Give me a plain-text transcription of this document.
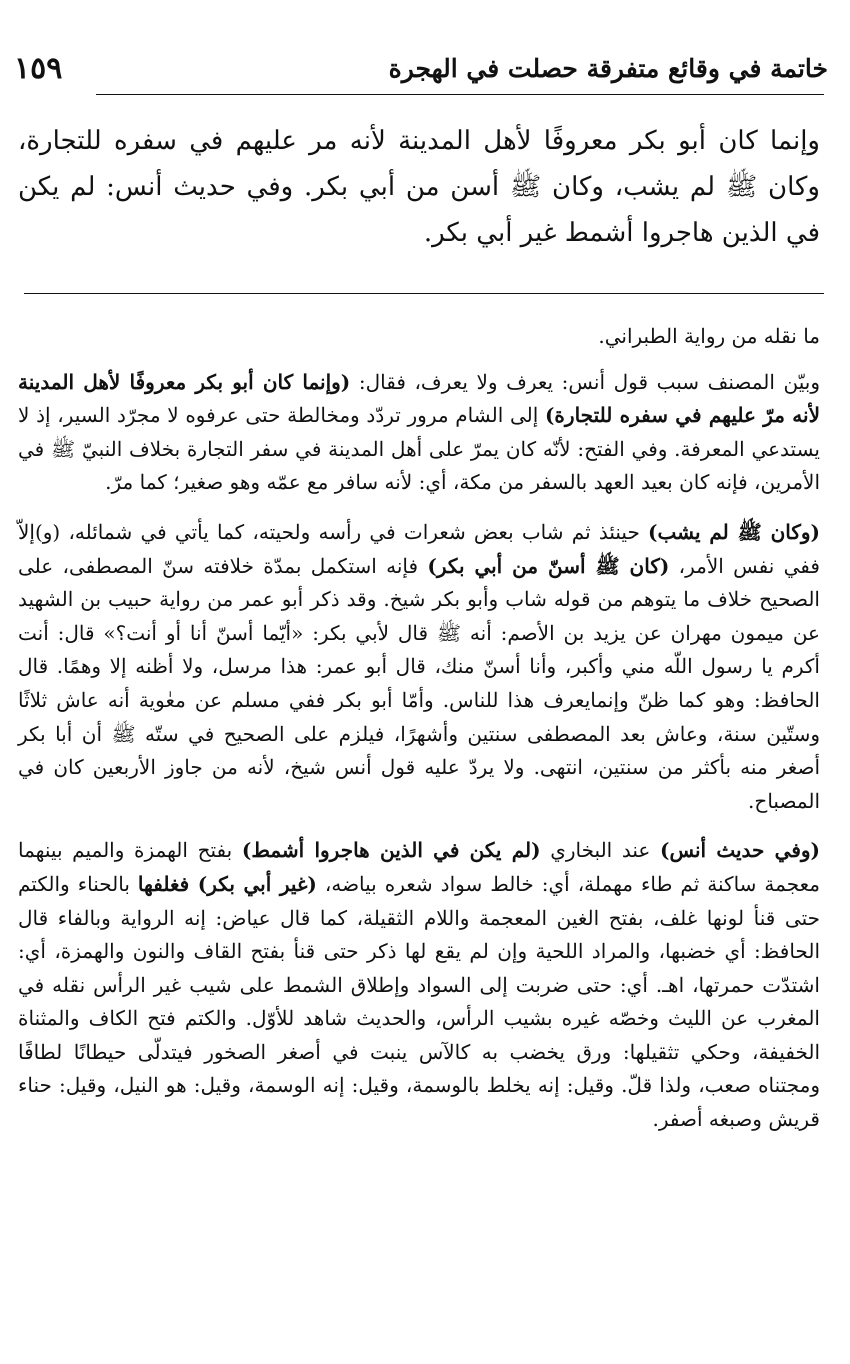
١٥٩	خاتمة في وقائع متفرقة حصلت في الهجرة

وإنما كان أبو بكر معروفًا لأهل المدينة لأنه مر عليهم في سفره للتجارة، وكان ﷺ لم يشب، وكان ﷺ أسن من أبي بكر. وفي حديث أنس: لم يكن في الذين هاجروا أشمط غير أبي بكر.

ما نقله من رواية الطبراني.

وبيّن المصنف سبب قول أنس: يعرف ولا يعرف، فقال: (وإنما كان أبو بكر معروفًا لأهل المدينة لأنه مرّ عليهم في سفره للتجارة) إلى الشام مرور تردّد ومخالطة حتى عرفوه لا مجرّد السير، إذ لا يستدعي المعرفة. وفي الفتح: لأنّه كان يمرّ على أهل المدينة في سفر التجارة بخلاف النبيّ ﷺ في الأمرين، فإنه كان بعيد العهد بالسفر من مكة، أي: لأنه سافر مع عمّه وهو صغير؛ كما مرّ.

(وكان ﷺ لم يشب) حينئذ ثم شاب بعض شعرات في رأسه ولحيته، كما يأتي في شمائله، (و)إلاّ ففي نفس الأمر، (كان ﷺ أسنّ من أبي بكر) فإنه استكمل بمدّة خلافته سنّ المصطفى، على الصحيح خلاف ما يتوهم من قوله شاب وأبو بكر شيخ. وقد ذكر أبو عمر من رواية حبيب بن الشهيد عن ميمون مهران عن يزيد بن الأصم: أنه ﷺ قال لأبي بكر: «أيّما أسنّ أنا أو أنت؟» قال: أنت أكرم يا رسول اللّه مني وأكبر، وأنا أسنّ منك، قال أبو عمر: هذا مرسل، ولا أظنه إلا وهمًا. قال الحافظ: وهو كما ظنّ وإنمايعرف هذا للناس. وأمّا أبو بكر ففي مسلم عن معٰوية أنه عاش ثلاثًا وستّين سنة، وعاش بعد المصطفى سنتين وأشهرًا، فيلزم على الصحيح في ستّه ﷺ أن أبا بكر أصغر منه بأكثر من سنتين، انتهى. ولا يردّ عليه قول أنس شيخ، لأنه من جاوز الأربعين كان في المصباح.

(وفي حديث أنس) عند البخاري (لم يكن في الذين هاجروا أشمط) بفتح الهمزة والميم بينهما معجمة ساكنة ثم طاء مهملة، أي: خالط سواد شعره بياضه، (غير أبي بكر) فغلفها بالحناء والكتم حتى قنأ لونها غلف، بفتح الغين المعجمة واللام الثقيلة، كما قال عياض: إنه الرواية وبالفاء قال الحافظ: أي خضبها، والمراد اللحية وإن لم يقع لها ذكر حتى قنأ بفتح القاف والنون والهمزة، أي: اشتدّت حمرتها، اهـ. أي: حتى ضربت إلى السواد وإطلاق الشمط على شيب غير الرأس نقله في المغرب عن الليث وخصّه غيره بشيب الرأس، والحديث شاهد للأوّل. والكتم فتح الكاف والمثناة الخفيفة، وحكي تثقيلها: ورق يخضب به كالآس ينبت في أصغر الصخور فيتدلّى حيطانًا لطافًا ومجتناه صعب، ولذا قلّ. وقيل: إنه يخلط بالوسمة، وقيل: إنه الوسمة، وقيل: هو النيل، وقيل: حناء قريش وصبغه أصفر.
